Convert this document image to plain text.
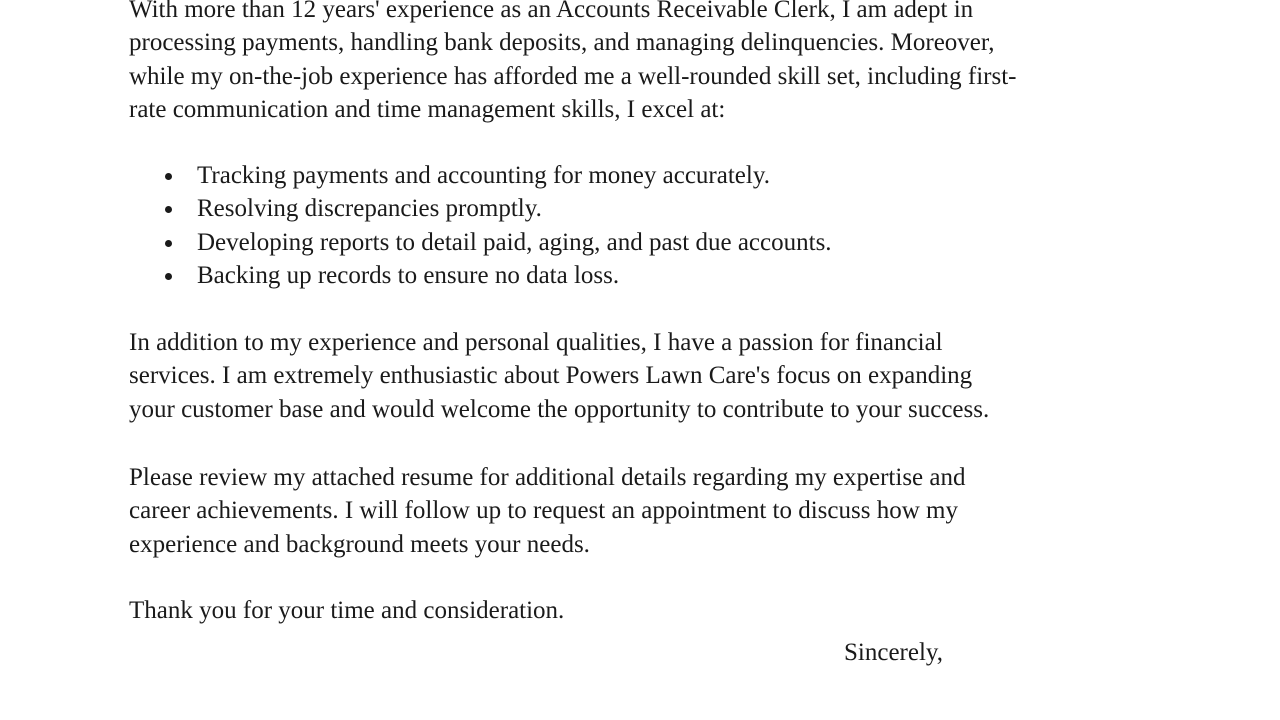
With more than 12 years' experience as an Accounts Receivable Clerk, I am adept in
processing payments, handling bank deposits, and managing delinquencies. Moreover,
while my on-the-job experience has afforded me a well-rounded skill set, including first-
rate communication and time management skills, I excel at:

Tracking payments and accounting for money accurately.
Resolving discrepancies promptly.
Developing reports to detail paid, aging, and past due accounts.
Backing up records to ensure no data loss.

In addition to my experience and personal qualities, I have a passion for financial
services. I am extremely enthusiastic about Powers Lawn Care's focus on expanding
your customer base and would welcome the opportunity to contribute to your success.

Please review my attached resume for additional details regarding my expertise and
career achievements. I will follow up to request an appointment to discuss how my
experience and background meets your needs.

Thank you for your time and consideration.

Sincerely,
